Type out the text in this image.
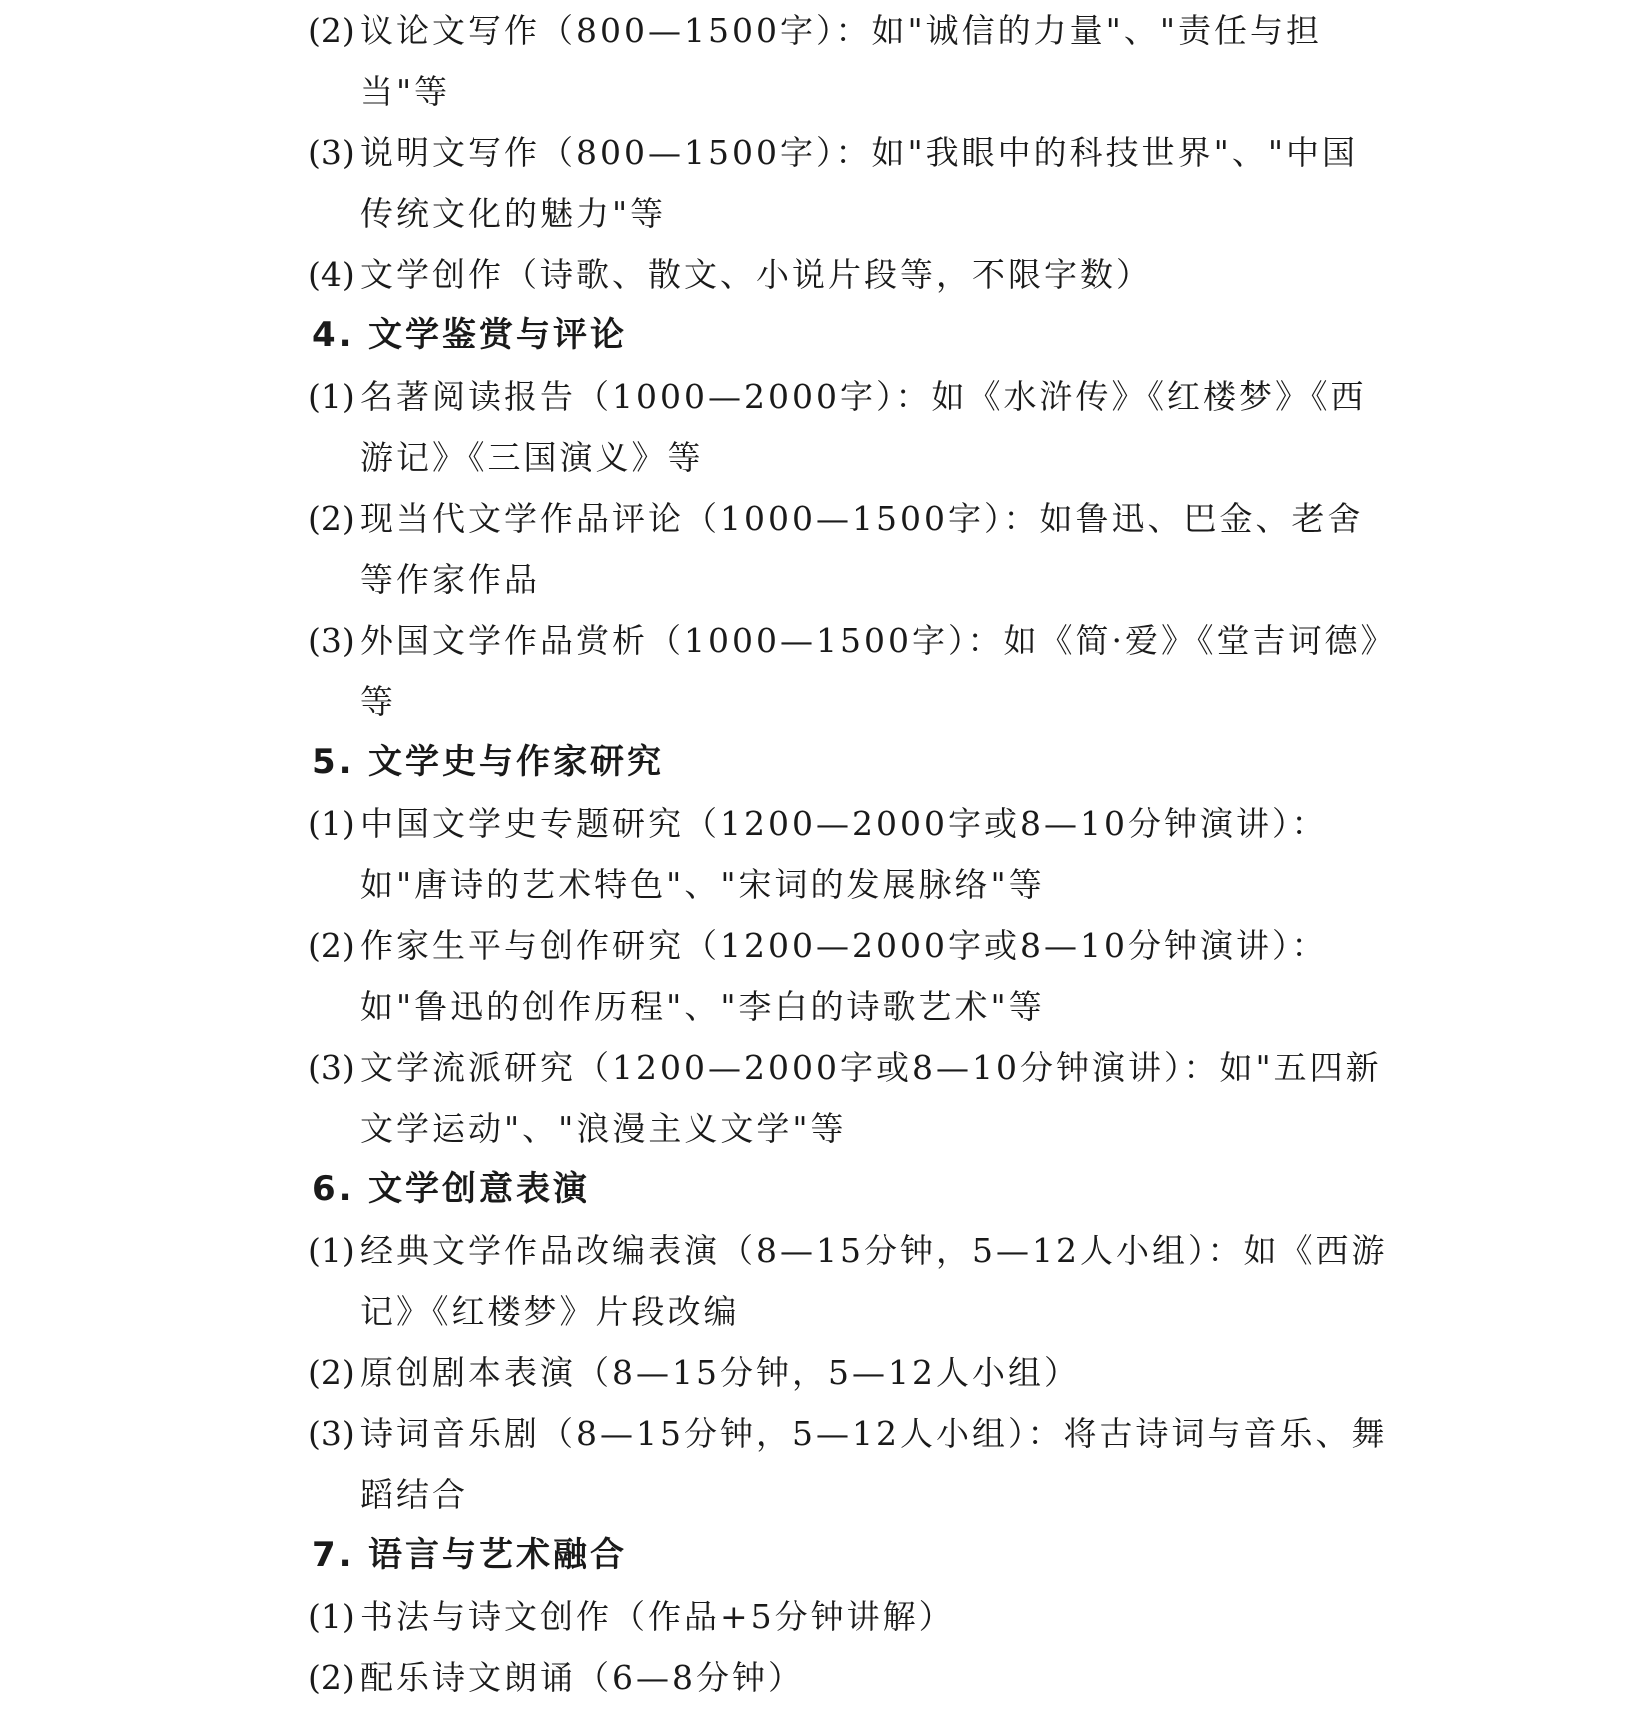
(2) 议论文写作（800—1500字）：如"诚信的力量"、"责任与担当"等
(3) 说明文写作（800—1500字）：如"我眼中的科技世界"、"中国传统文化的魅力"等
(4) 文学创作（诗歌、散文、小说片段等，不限字数）
4. 文学鉴赏与评论
(1) 名著阅读报告（1000—2000字）：如《水浒传》《红楼梦》《西游记》《三国演义》等
(2) 现当代文学作品评论（1000—1500字）：如鲁迅、巴金、老舍等作家作品
(3) 外国文学作品赏析（1000—1500字）：如《简·爱》《堂吉诃德》等
5. 文学史与作家研究
(1) 中国文学史专题研究（1200—2000字或8—10分钟演讲）：如"唐诗的艺术特色"、"宋词的发展脉络"等
(2) 作家生平与创作研究（1200—2000字或8—10分钟演讲）：如"鲁迅的创作历程"、"李白的诗歌艺术"等
(3) 文学流派研究（1200—2000字或8—10分钟演讲）：如"五四新文学运动"、"浪漫主义文学"等
6. 文学创意表演
(1) 经典文学作品改编表演（8—15分钟，5—12人小组）：如《西游记》《红楼梦》片段改编
(2) 原创剧本表演（8—15分钟，5—12人小组）
(3) 诗词音乐剧（8—15分钟，5—12人小组）：将古诗词与音乐、舞蹈结合
7. 语言与艺术融合
(1) 书法与诗文创作（作品+5分钟讲解）
(2) 配乐诗文朗诵（6—8分钟）
